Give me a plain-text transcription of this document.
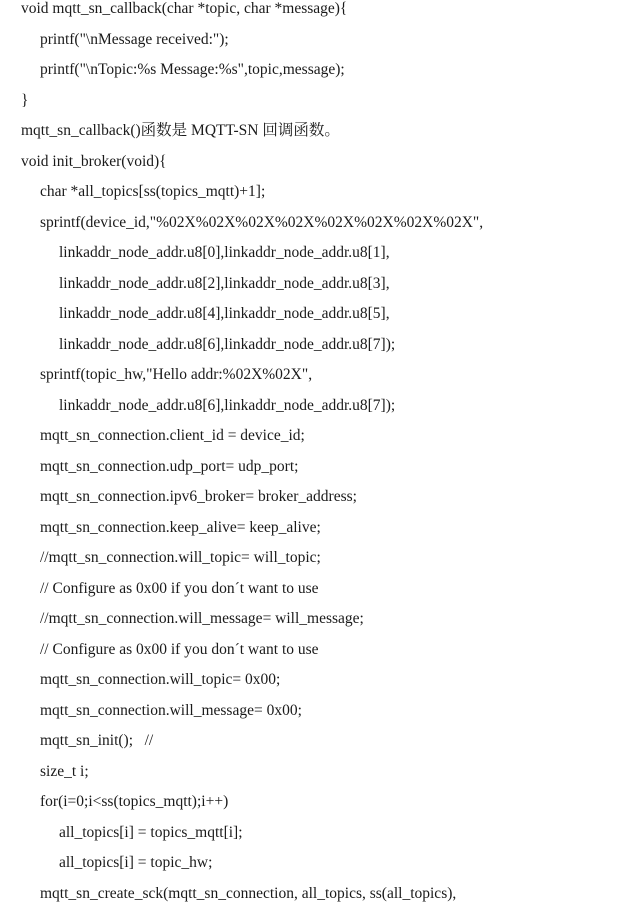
void mqtt_sn_callback(char *topic, char *message){
printf("\nMessage received:");
printf("\nTopic:%s Message:%s",topic,message);
}
mqtt_sn_callback()函数是 MQTT-SN 回调函数。
void init_broker(void){
char *all_topics[ss(topics_mqtt)+1];
sprintf(device_id,"%02X%02X%02X%02X%02X%02X%02X%02X",
linkaddr_node_addr.u8[0],linkaddr_node_addr.u8[1],
linkaddr_node_addr.u8[2],linkaddr_node_addr.u8[3],
linkaddr_node_addr.u8[4],linkaddr_node_addr.u8[5],
linkaddr_node_addr.u8[6],linkaddr_node_addr.u8[7]);
sprintf(topic_hw,"Hello addr:%02X%02X",
linkaddr_node_addr.u8[6],linkaddr_node_addr.u8[7]);
mqtt_sn_connection.client_id = device_id;
mqtt_sn_connection.udp_port= udp_port;
mqtt_sn_connection.ipv6_broker= broker_address;
mqtt_sn_connection.keep_alive= keep_alive;
//mqtt_sn_connection.will_topic= will_topic;
// Configure as 0x00 if you don´t want to use
//mqtt_sn_connection.will_message= will_message;
// Configure as 0x00 if you don´t want to use
mqtt_sn_connection.will_topic= 0x00;
mqtt_sn_connection.will_message= 0x00;
mqtt_sn_init();   //
size_t i;
for(i=0;i<ss(topics_mqtt);i++)
all_topics[i] = topics_mqtt[i];
all_topics[i] = topic_hw;
mqtt_sn_create_sck(mqtt_sn_connection, all_topics, ss(all_topics),
